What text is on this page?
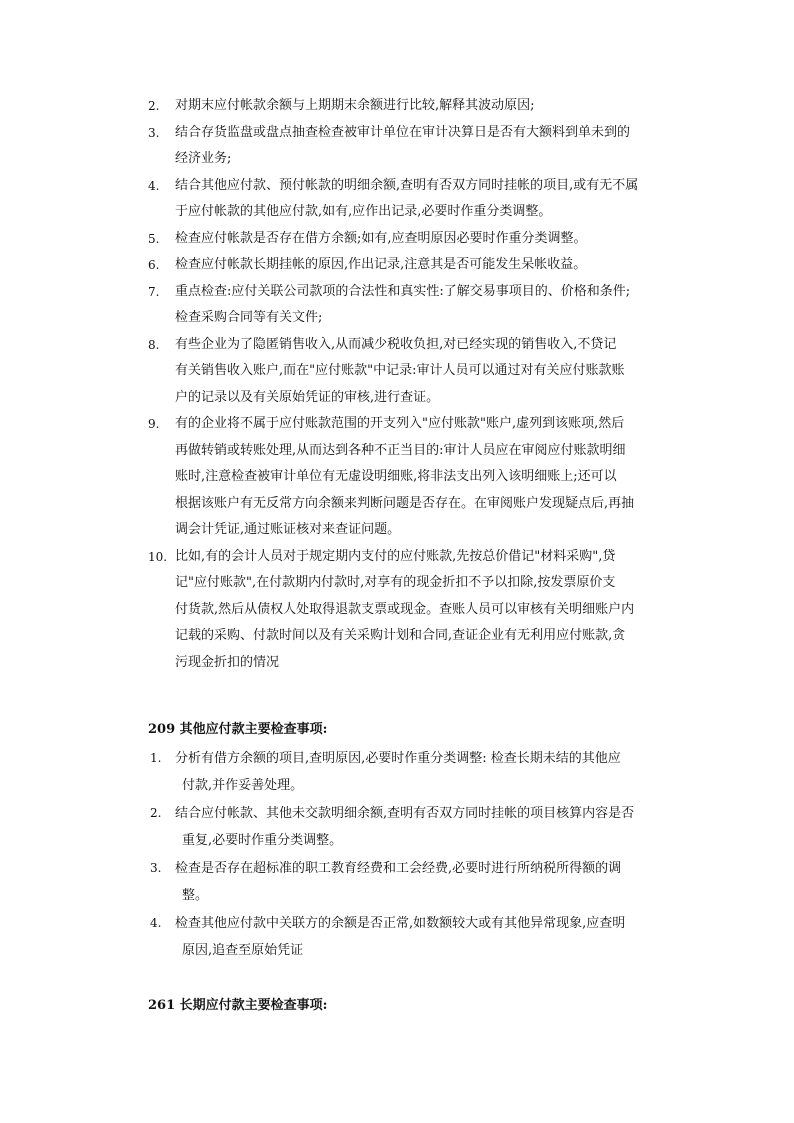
2. 对期末应付帐款余额与上期期末余额进行比较,解释其波动原因;
3. 结合存货监盘或盘点抽查检查被审计单位在审计决算日是否有大额料到单未到的
经济业务;
4. 结合其他应付款、预付帐款的明细余额,查明有否双方同时挂帐的项目,或有无不属
于应付帐款的其他应付款,如有,应作出记录,必要时作重分类调整。
5. 检查应付帐款是否存在借方余额;如有,应查明原因必要时作重分类调整。
6. 检查应付帐款长期挂帐的原因,作出记录,注意其是否可能发生呆帐收益。
7. 重点检查:应付关联公司款项的合法性和真实性:了解交易事项目的、价格和条件;
检查采购合同等有关文件;
8. 有些企业为了隐匿销售收入,从而减少税收负担,对已经实现的销售收入,不贷记
有关销售收入账户,而在"应付账款"中记录:审计人员可以通过对有关应付账款账
户的记录以及有关原始凭证的审核,进行查证。
9. 有的企业将不属于应付账款范围的开支列入"应付账款"账户,虚列到该账项,然后
再做转销或转账处理,从而达到各种不正当目的:审计人员应在审阅应付账款明细
账时,注意检查被审计单位有无虚设明细账,将非法支出列入该明细账上;还可以
根据该账户有无反常方向余额来判断问题是否存在。在审阅账户发现疑点后,再抽
调会计凭证,通过账证核对来查证问题。
10. 比如,有的会计人员对于规定期内支付的应付账款,先按总价借记"材料采购",贷
记"应付账款",在付款期内付款时,对享有的现金折扣不予以扣除,按发票原价支
付货款,然后从债权人处取得退款支票或现金。查账人员可以审核有关明细账户内
记载的采购、付款时间以及有关采购计划和合同,查证企业有无利用应付账款,贪
污现金折扣的情况
209 其他应付款主要检查事项:
1. 分析有借方余额的项目,查明原因,必要时作重分类调整: 检查长期未结的其他应
付款,并作妥善处理。
2. 结合应付帐款、其他未交款明细余额,查明有否双方同时挂帐的项目核算内容是否
重复,必要时作重分类调整。
3. 检查是否存在超标准的职工教育经费和工会经费,必要时进行所纳税所得额的调
整。
4. 检查其他应付款中关联方的余额是否正常,如数额较大或有其他异常现象,应查明
原因,追查至原始凭证
261 长期应付款主要检查事项:
